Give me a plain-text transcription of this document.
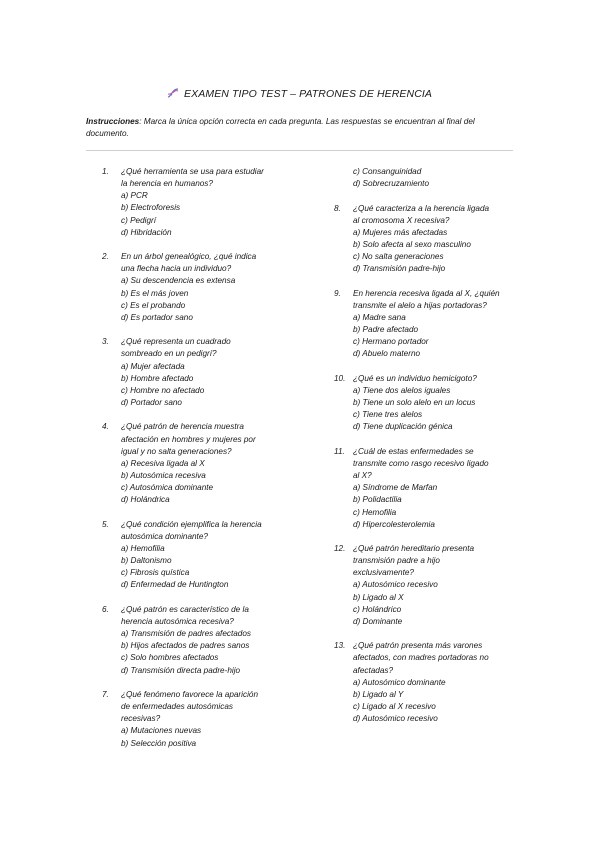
EXAMEN TIPO TEST – PATRONES DE HERENCIA
Instrucciones: Marca la única opción correcta en cada pregunta. Las respuestas se encuentran al final del documento.
1. ¿Qué herramienta se usa para estudiar
la herencia en humanos?
a) PCR
b) Electroforesis
c) Pedigrí
d) Hibridación
2. En un árbol genealógico, ¿qué indica
una flecha hacia un individuo?
a) Su descendencia es extensa
b) Es el más joven
c) Es el probando
d) Es portador sano
3. ¿Qué representa un cuadrado
sombreado en un pedigrí?
a) Mujer afectada
b) Hombre afectado
c) Hombre no afectado
d) Portador sano
4. ¿Qué patrón de herencia muestra
afectación en hombres y mujeres por
igual y no salta generaciones?
a) Recesiva ligada al X
b) Autosómica recesiva
c) Autosómica dominante
d) Holándrica
5. ¿Qué condición ejemplifica la herencia
autosómica dominante?
a) Hemofilia
b) Daltonismo
c) Fibrosis quística
d) Enfermedad de Huntington
6. ¿Qué patrón es característico de la
herencia autosómica recesiva?
a) Transmisión de padres afectados
b) Hijos afectados de padres sanos
c) Solo hombres afectados
d) Transmisión directa padre-hijo
7. ¿Qué fenómeno favorece la aparición
de enfermedades autosómicas
recesivas?
a) Mutaciones nuevas
b) Selección positiva
c) Consanguinidad
d) Sobrecruzamiento
8. ¿Qué caracteriza a la herencia ligada
al cromosoma X recesiva?
a) Mujeres más afectadas
b) Solo afecta al sexo masculino
c) No salta generaciones
d) Transmisión padre-hijo
9. En herencia recesiva ligada al X, ¿quién
transmite el alelo a hijas portadoras?
a) Madre sana
b) Padre afectado
c) Hermano portador
d) Abuelo materno
10. ¿Qué es un individuo hemicigoto?
a) Tiene dos alelos iguales
b) Tiene un solo alelo en un locus
c) Tiene tres alelos
d) Tiene duplicación génica
11. ¿Cuál de estas enfermedades se
transmite como rasgo recesivo ligado
al X?
a) Síndrome de Marfan
b) Polidactilia
c) Hemofilia
d) Hipercolesterolemia
12. ¿Qué patrón hereditario presenta
transmisión padre a hijo
exclusivamente?
a) Autosómico recesivo
b) Ligado al X
c) Holándrico
d) Dominante
13. ¿Qué patrón presenta más varones
afectados, con madres portadoras no
afectadas?
a) Autosómico dominante
b) Ligado al Y
c) Ligado al X recesivo
d) Autosómico recesivo
